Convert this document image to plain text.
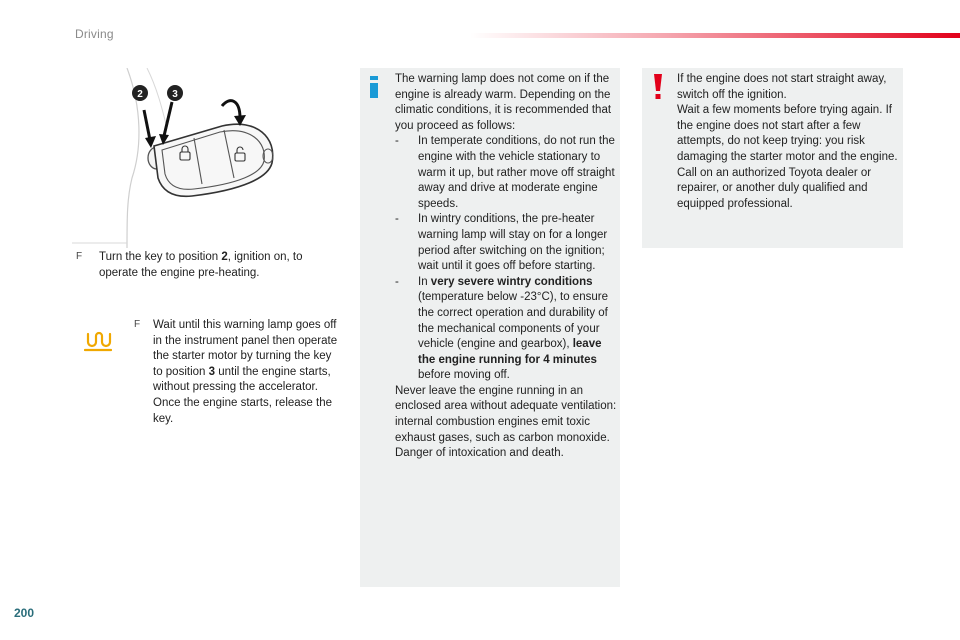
Driving
2	3
F Turn the key to position 2, ignition on, to operate the engine pre-heating.

F Wait until this warning lamp goes off in the instrument panel then operate the starter motor by turning the key to position 3 until the engine starts, without pressing the accelerator. Once the engine starts, release the key.

The warning lamp does not come on if the engine is already warm. Depending on the climatic conditions, it is recommended that you proceed as follows:

- In temperate conditions, do not run the engine with the vehicle stationary to warm it up, but rather move off straight away and drive at moderate engine speeds.
- In wintry conditions, the pre-heater warning lamp will stay on for a longer period after switching on the ignition; wait until it goes off before starting.
- In very severe wintry conditions (temperature below -23°C), to ensure the correct operation and durability of the mechanical components of your vehicle (engine and gearbox), leave the engine running for 4 minutes before moving off.

Never leave the engine running in an enclosed area without adequate ventilation: internal combustion engines emit toxic exhaust gases, such as carbon monoxide. Danger of intoxication and death.

If the engine does not start straight away, switch off the ignition.
Wait a few moments before trying again. If the engine does not start after a few attempts, do not keep trying: you risk damaging the starter motor and the engine.
Call on an authorized Toyota dealer or repairer, or another duly qualified and equipped professional.

200
